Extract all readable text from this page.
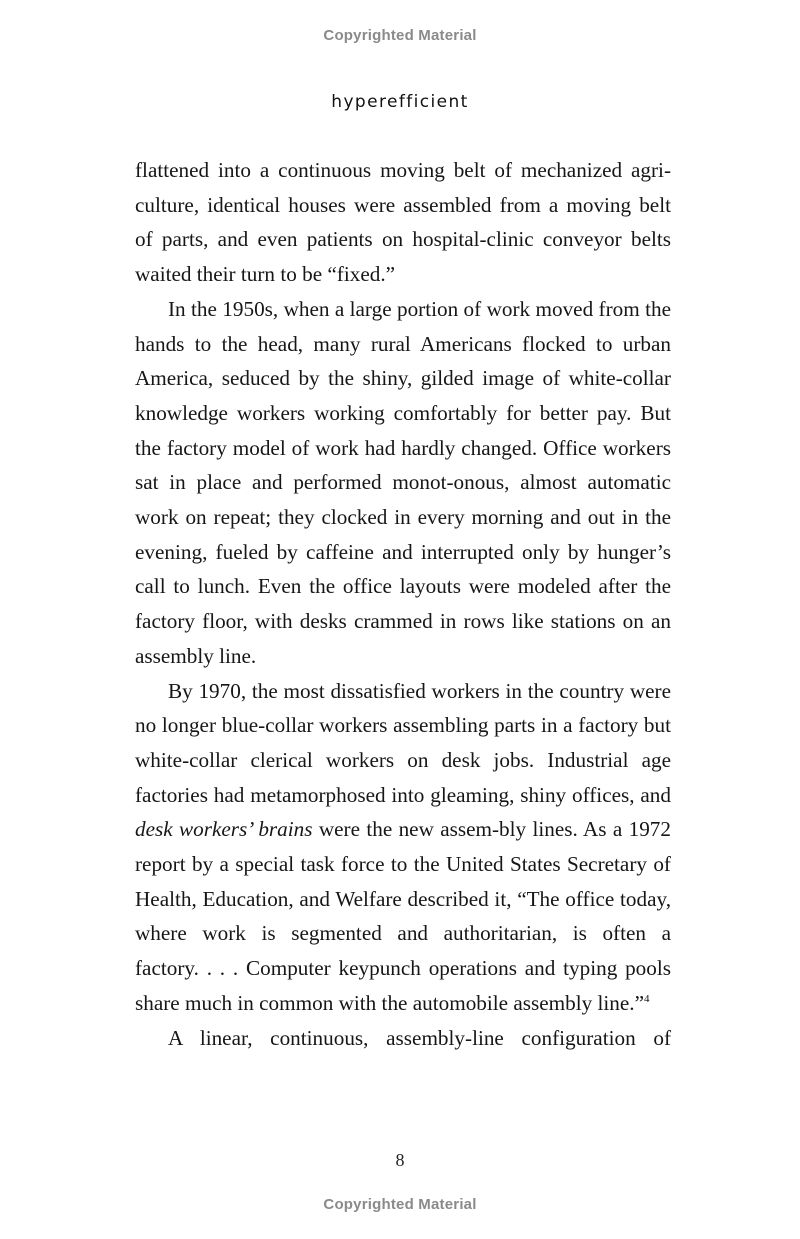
Copyrighted Material
hyperefficient

flattened into a continuous moving belt of mechanized agri-culture, identical houses were assembled from a moving belt of parts, and even patients on hospital-clinic conveyor belts waited their turn to be “fixed.”

In the 1950s, when a large portion of work moved from the hands to the head, many rural Americans flocked to urban America, seduced by the shiny, gilded image of white-collar knowledge workers working comfortably for better pay. But the factory model of work had hardly changed. Office workers sat in place and performed monot-onous, almost automatic work on repeat; they clocked in every morning and out in the evening, fueled by caffeine and interrupted only by hunger’s call to lunch. Even the office layouts were modeled after the factory floor, with desks crammed in rows like stations on an assembly line.

By 1970, the most dissatisfied workers in the country were no longer blue-collar workers assembling parts in a factory but white-collar clerical workers on desk jobs. Industrial age factories had metamorphosed into gleaming, shiny offices, and desk workers’ brains were the new assem-bly lines. As a 1972 report by a special task force to the United States Secretary of Health, Education, and Welfare described it, “The office today, where work is segmented and authoritarian, is often a factory. . . . Computer keypunch operations and typing pools share much in common with the automobile assembly line.”$^4$

A linear, continuous, assembly-line configuration of

8
Copyrighted Material
